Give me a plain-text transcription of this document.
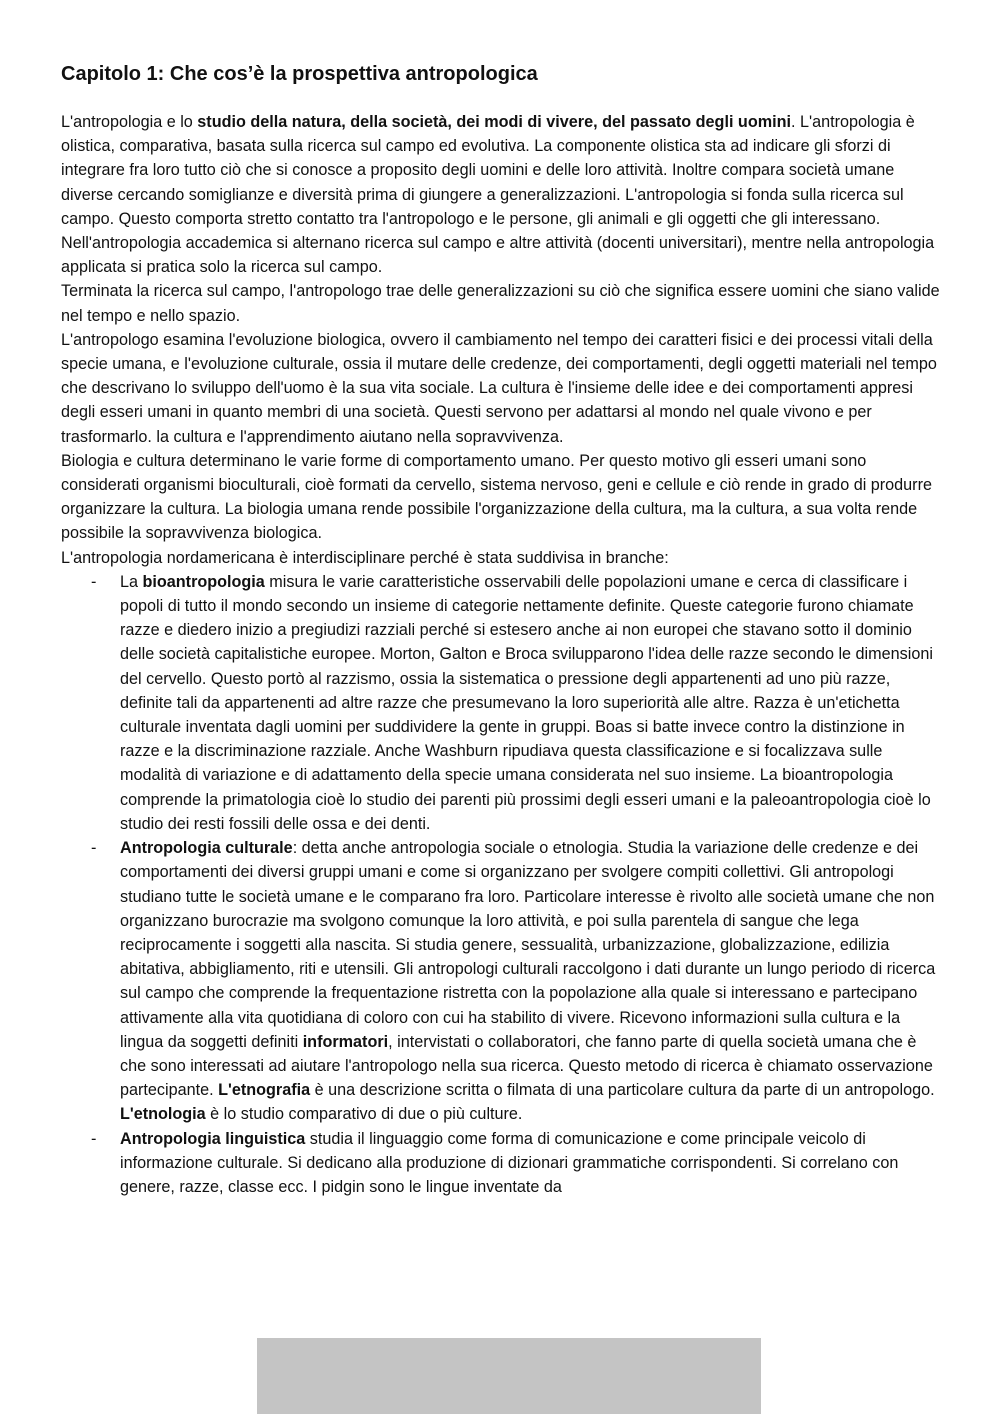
Capitolo 1: Che cos’è la prospettiva antropologica

L'antropologia e lo studio della natura, della società, dei modi di vivere, del passato degli uomini. L'antropologia è olistica, comparativa, basata sulla ricerca sul campo ed evolutiva. La componente olistica sta ad indicare gli sforzi di integrare fra loro tutto ciò che si conosce a proposito degli uomini e delle loro attività. Inoltre compara società umane diverse cercando somiglianze e diversità prima di giungere a generalizzazioni. L'antropologia si fonda sulla ricerca sul campo. Questo comporta stretto contatto tra l'antropologo e le persone, gli animali e gli oggetti che gli interessano. Nell'antropologia accademica si alternano ricerca sul campo e altre attività (docenti universitari), mentre nella antropologia applicata si pratica solo la ricerca sul campo.

Terminata la ricerca sul campo, l'antropologo trae delle generalizzazioni su ciò che significa essere uomini che siano valide nel tempo e nello spazio.

L'antropologo esamina l'evoluzione biologica, ovvero il cambiamento nel tempo dei caratteri fisici e dei processi vitali della specie umana, e l'evoluzione culturale, ossia il mutare delle credenze, dei comportamenti, degli oggetti materiali nel tempo che descrivano lo sviluppo dell'uomo è la sua vita sociale. La cultura è l'insieme delle idee e dei comportamenti appresi degli esseri umani in quanto membri di una società. Questi servono per adattarsi al mondo nel quale vivono e per trasformarlo. la cultura e l'apprendimento aiutano nella sopravvivenza.

Biologia e cultura determinano le varie forme di comportamento umano. Per questo motivo gli esseri umani sono considerati organismi bioculturali, cioè formati da cervello, sistema nervoso, geni e cellule e ciò rende in grado di produrre organizzare la cultura. La biologia umana rende possibile l'organizzazione della cultura, ma la cultura, a sua volta rende possibile la sopravvivenza biologica.

L'antropologia nordamericana è interdisciplinare perché è stata suddivisa in branche:

- La bioantropologia misura le varie caratteristiche osservabili delle popolazioni umane e cerca di classificare i popoli di tutto il mondo secondo un insieme di categorie nettamente definite. Queste categorie furono chiamate razze e diedero inizio a pregiudizi razziali perché si estesero anche ai non europei che stavano sotto il dominio delle società capitalistiche europee. Morton, Galton e Broca svilupparono l'idea delle razze secondo le dimensioni del cervello. Questo portò al razzismo, ossia la sistematica o pressione degli appartenenti ad uno più razze, definite tali da appartenenti ad altre razze che presumevano la loro superiorità alle altre. Razza è un'etichetta culturale inventata dagli uomini per suddividere la gente in gruppi. Boas si batte invece contro la distinzione in razze e la discriminazione razziale. Anche Washburn ripudiava questa classificazione e si focalizzava sulle modalità di variazione e di adattamento della specie umana considerata nel suo insieme. La bioantropologia comprende la primatologia cioè lo studio dei parenti più prossimi degli esseri umani e la paleoantropologia cioè lo studio dei resti fossili delle ossa e dei denti.
- Antropologia culturale: detta anche antropologia sociale o etnologia. Studia la variazione delle credenze e dei comportamenti dei diversi gruppi umani e come si organizzano per svolgere compiti collettivi. Gli antropologi studiano tutte le società umane e le comparano fra loro. Particolare interesse è rivolto alle società umane che non organizzano burocrazie ma svolgono comunque la loro attività, e poi sulla parentela di sangue che lega reciprocamente i soggetti alla nascita. Si studia genere, sessualità, urbanizzazione, globalizzazione, edilizia abitativa, abbigliamento, riti e utensili. Gli antropologi culturali raccolgono i dati durante un lungo periodo di ricerca sul campo che comprende la frequentazione ristretta con la popolazione alla quale si interessano e partecipano attivamente alla vita quotidiana di coloro con cui ha stabilito di vivere. Ricevono informazioni sulla cultura e la lingua da soggetti definiti informatori, intervistati o collaboratori, che fanno parte di quella società umana che è che sono interessati ad aiutare l'antropologo nella sua ricerca. Questo metodo di ricerca è chiamato osservazione partecipante. L'etnografia è una descrizione scritta o filmata di una particolare cultura da parte di un antropologo. L'etnologia è lo studio comparativo di due o più culture.
- Antropologia linguistica studia il linguaggio come forma di comunicazione e come principale veicolo di informazione culturale. Si dedicano alla produzione di dizionari grammatiche corrispondenti. Si correlano con genere, razze, classe ecc. I pidgin sono le lingue inventate da
